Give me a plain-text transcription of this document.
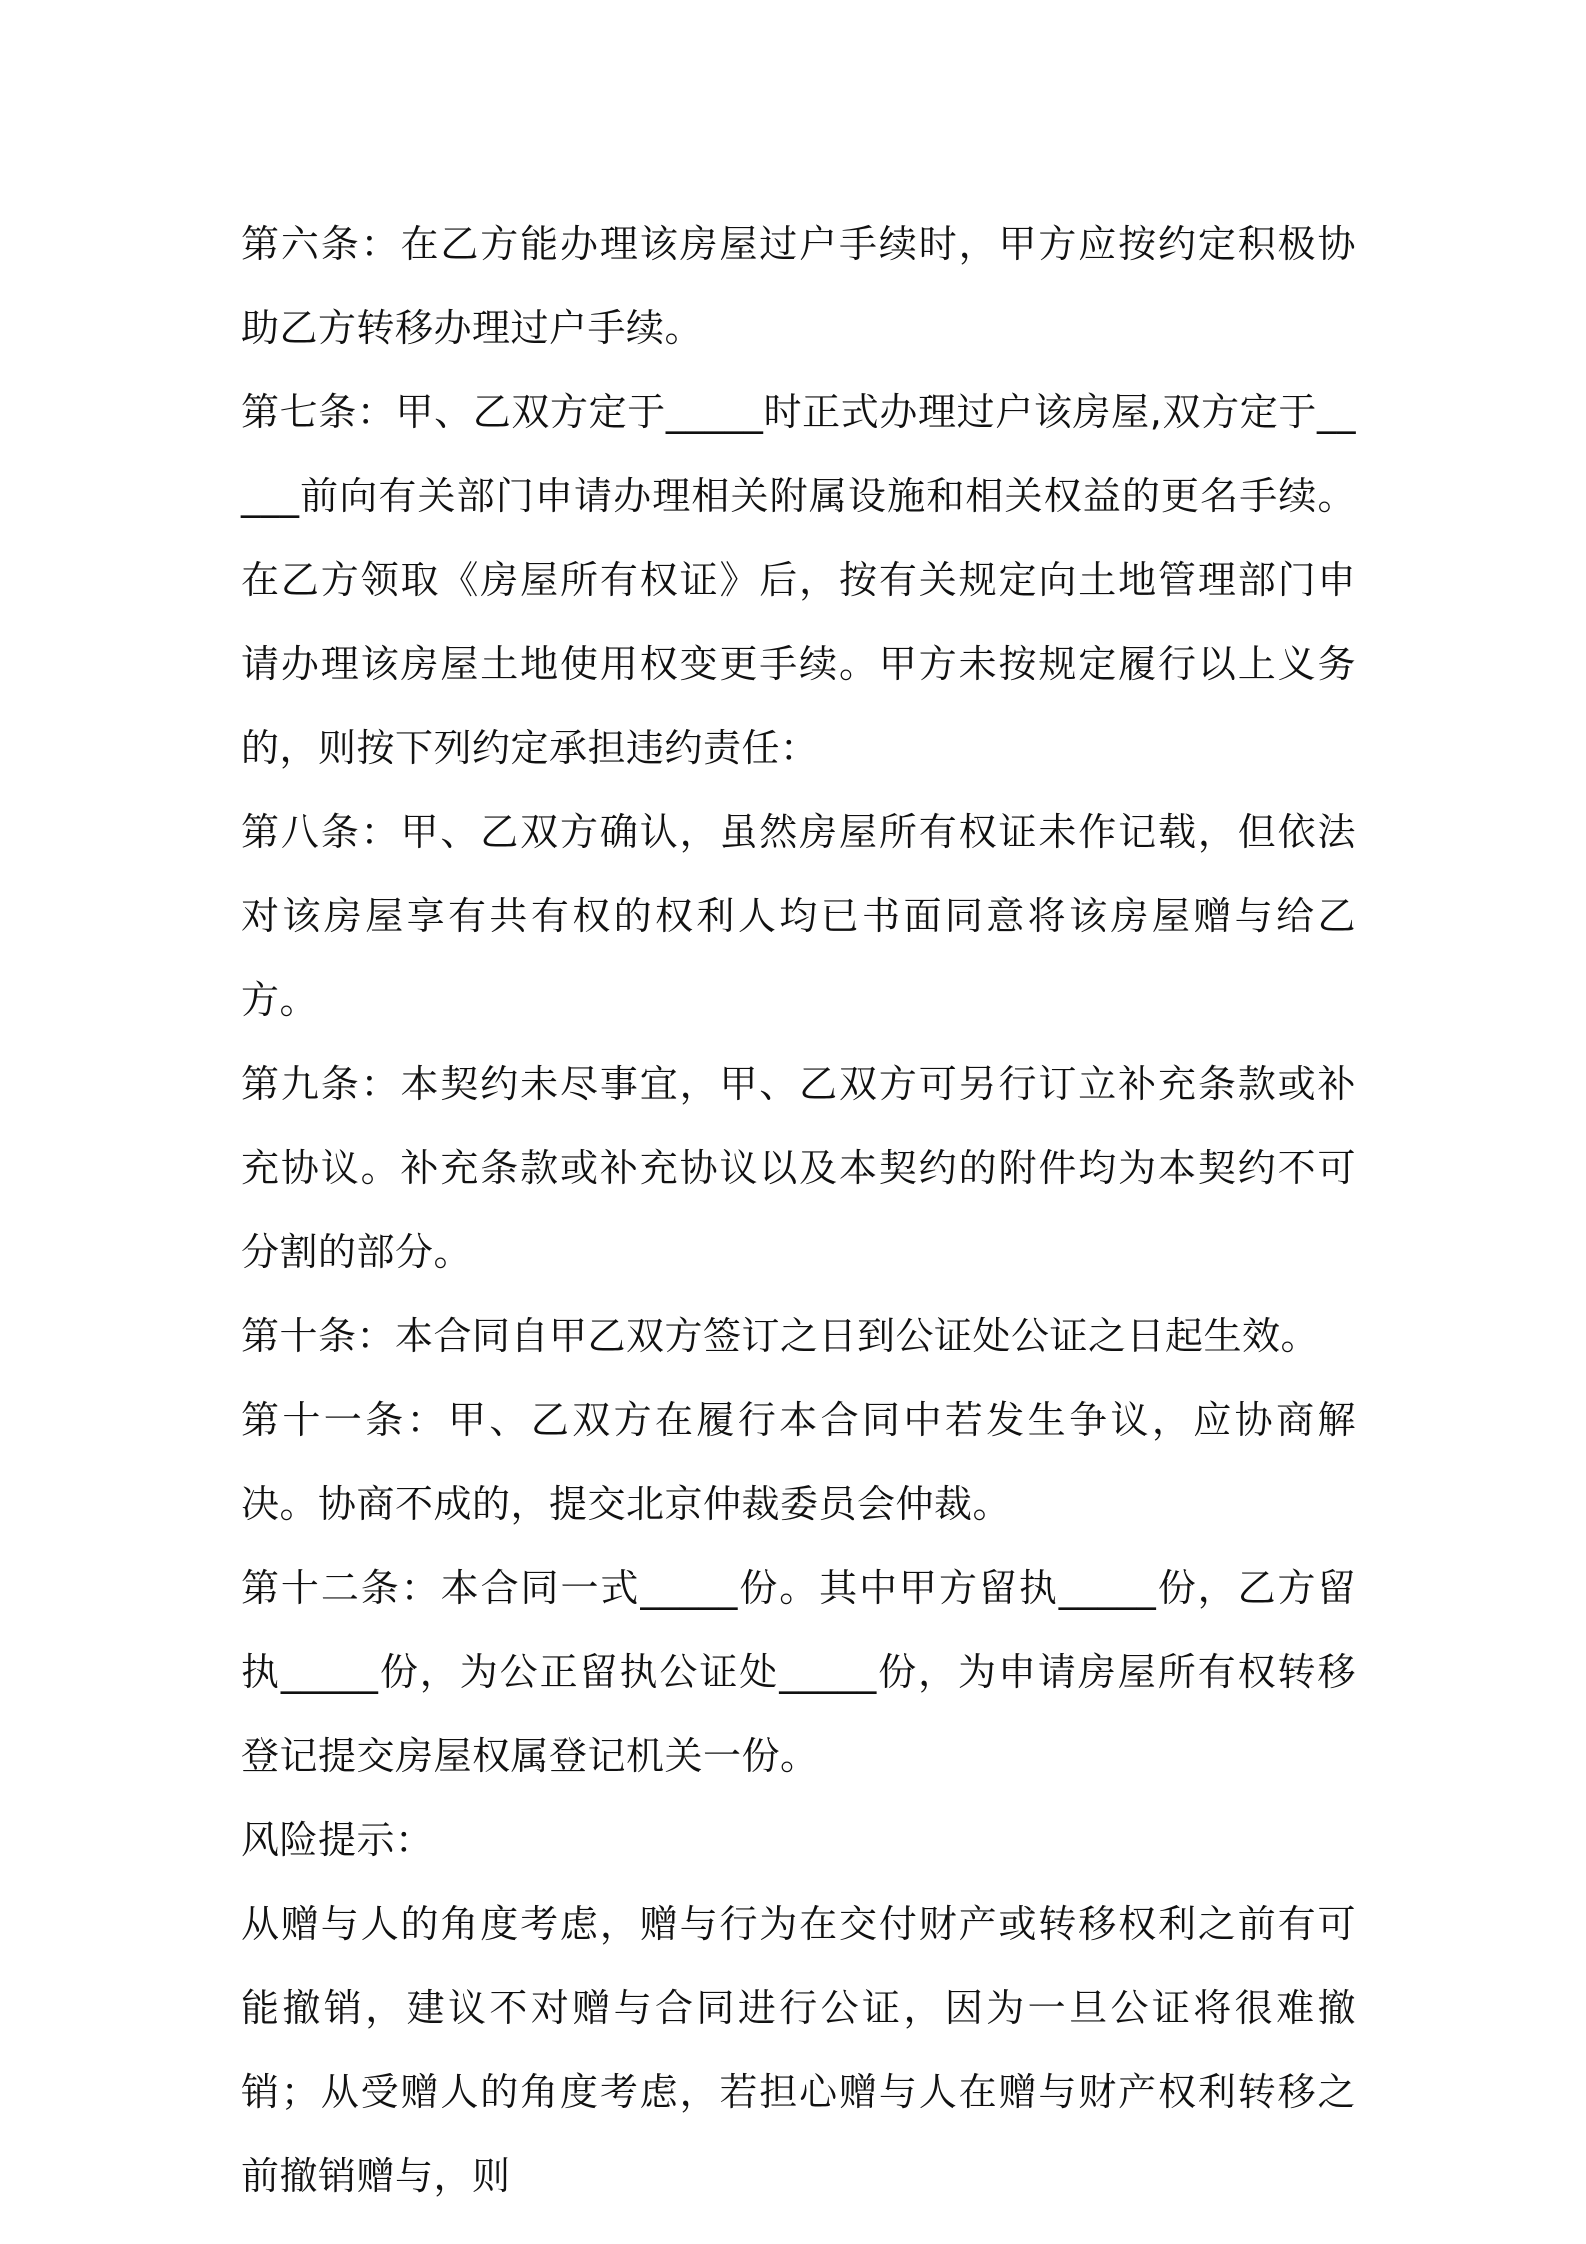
第六条：在乙方能办理该房屋过户手续时，甲方应按约定积极协助乙方转移办理过户手续。

第七条：甲、乙双方定于_____时正式办理过户该房屋,双方定于_____前向有关部门申请办理相关附属设施和相关权益的更名手续。在乙方领取《房屋所有权证》后，按有关规定向土地管理部门申请办理该房屋土地使用权变更手续。甲方未按规定履行以上义务的，则按下列约定承担违约责任：

第八条：甲、乙双方确认，虽然房屋所有权证未作记载，但依法对该房屋享有共有权的权利人均已书面同意将该房屋赠与给乙方。

第九条：本契约未尽事宜，甲、乙双方可另行订立补充条款或补充协议。补充条款或补充协议以及本契约的附件均为本契约不可分割的部分。

第十条：本合同自甲乙双方签订之日到公证处公证之日起生效。

第十一条：甲、乙双方在履行本合同中若发生争议，应协商解决。协商不成的，提交北京仲裁委员会仲裁。

第十二条：本合同一式_____份。其中甲方留执_____份，乙方留执_____份，为公正留执公证处_____份，为申请房屋所有权转移登记提交房屋权属登记机关一份。

风险提示：

从赠与人的角度考虑，赠与行为在交付财产或转移权利之前有可能撤销，建议不对赠与合同进行公证，因为一旦公证将很难撤销；从受赠人的角度考虑，若担心赠与人在赠与财产权利转移之前撤销赠与，则
